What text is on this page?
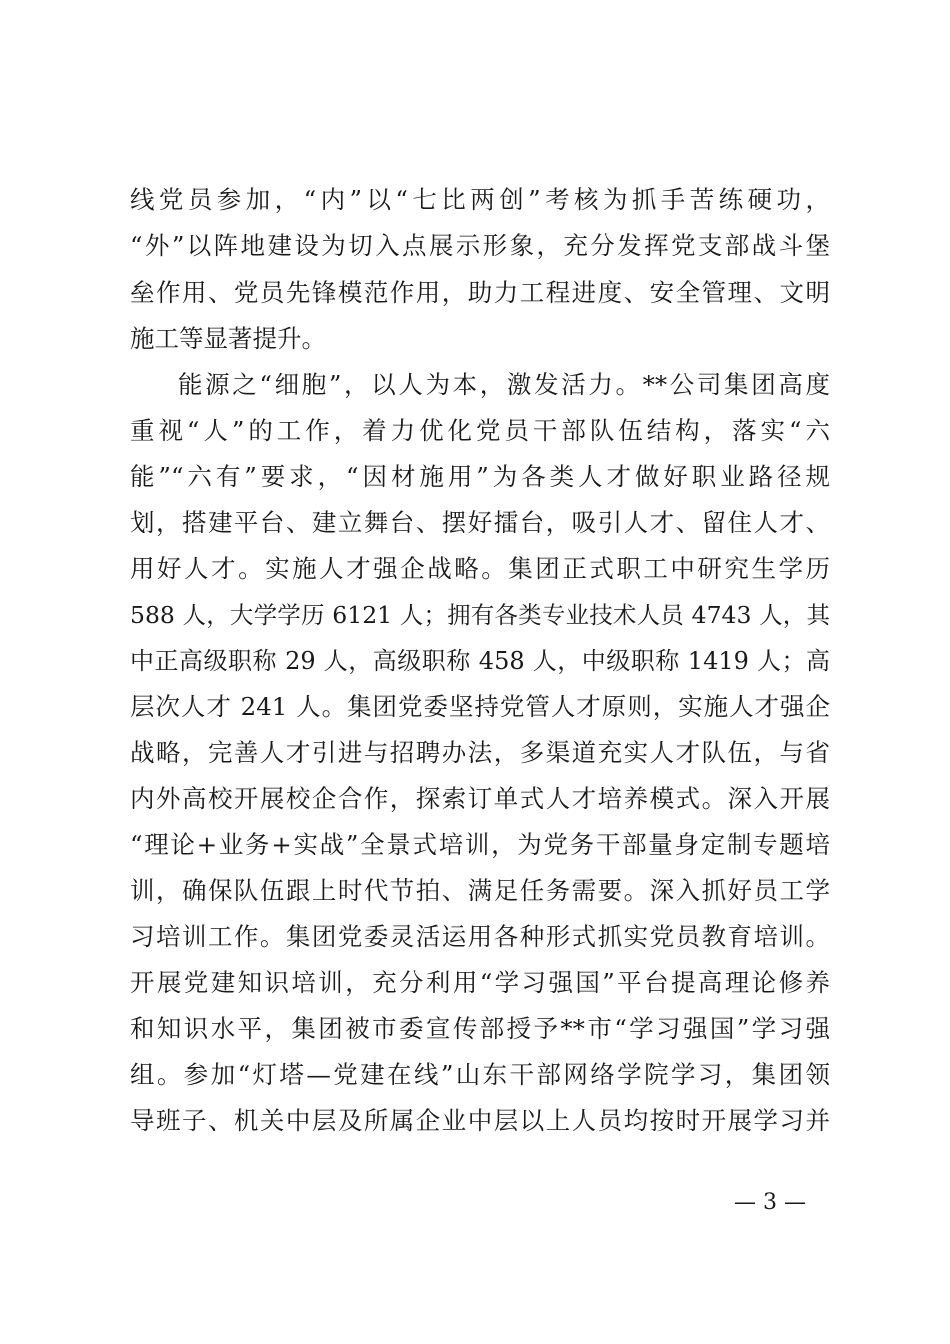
线党员参加，“内”以“七比两创”考核为抓手苦练硬功，
“外”以阵地建设为切入点展示形象，充分发挥党支部战斗堡
垒作用、党员先锋模范作用，助力工程进度、安全管理、文明
施工等显著提升。
能源之“细胞”，以人为本，激发活力。**公司集团高度
重视“人”的工作，着力优化党员干部队伍结构，落实“六
能”“六有”要求，“因材施用”为各类人才做好职业路径规
划，搭建平台、建立舞台、摆好擂台，吸引人才、留住人才、
用好人才。实施人才强企战略。集团正式职工中研究生学历
588 人，大学学历 6121 人；拥有各类专业技术人员 4743 人，其
中正高级职称 29 人，高级职称 458 人，中级职称 1419 人；高
层次人才 241 人。集团党委坚持党管人才原则，实施人才强企
战略，完善人才引进与招聘办法，多渠道充实人才队伍，与省
内外高校开展校企合作，探索订单式人才培养模式。深入开展
“理论+业务+实战”全景式培训，为党务干部量身定制专题培
训，确保队伍跟上时代节拍、满足任务需要。深入抓好员工学
习培训工作。集团党委灵活运用各种形式抓实党员教育培训。
开展党建知识培训，充分利用“学习强国”平台提高理论修养
和知识水平，集团被市委宣传部授予**市“学习强国”学习强
组。参加“灯塔—党建在线”山东干部网络学院学习，集团领
导班子、机关中层及所属企业中层以上人员均按时开展学习并
— 3 —
